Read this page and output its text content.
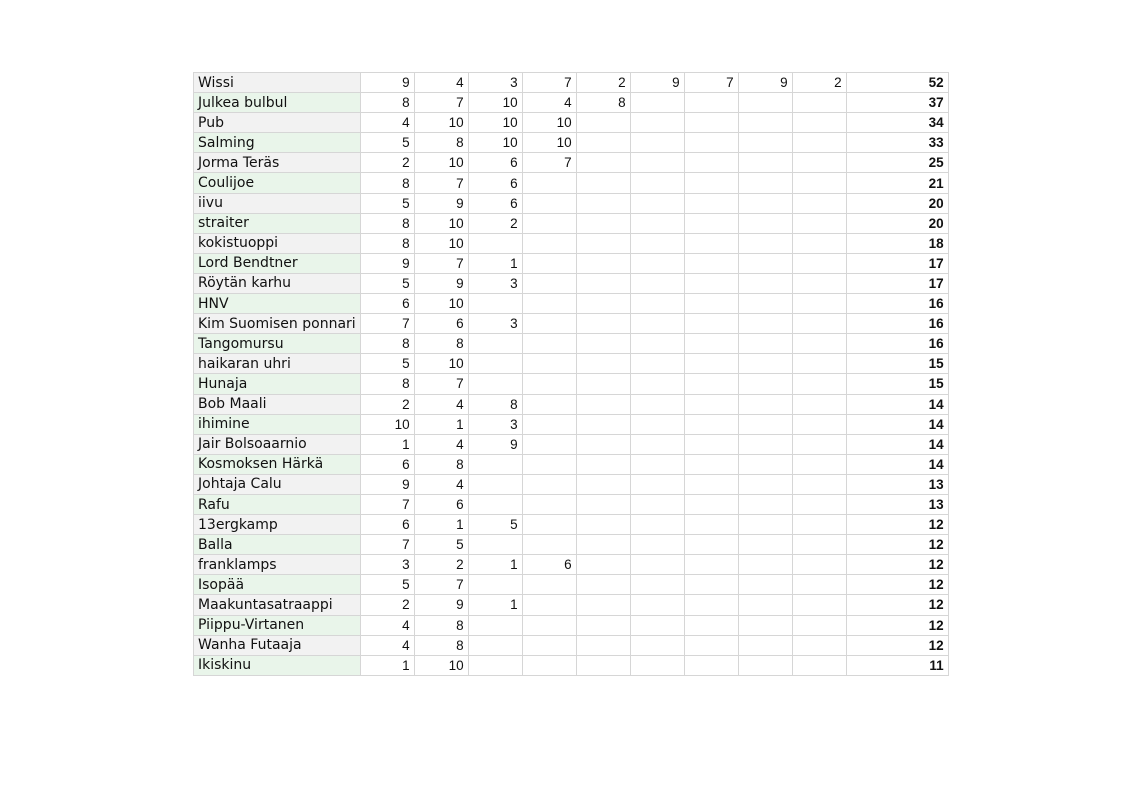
Wissi	9	4	3	7	2	9	7	9	2	52
Julkea bulbul	8	7	10	4	8					37
Pub	4	10	10	10						34
Salming	5	8	10	10						33
Jorma Teräs	2	10	6	7						25
Coulijoe	8	7	6							21
iivu	5	9	6							20
straiter	8	10	2							20
kokistuoppi	8	10								18
Lord Bendtner	9	7	1							17
Röytän karhu	5	9	3							17
HNV	6	10								16
Kim Suomisen ponnari	7	6	3							16
Tangomursu	8	8								16
haikaran uhri	5	10								15
Hunaja	8	7								15
Bob Maali	2	4	8							14
ihimine	10	1	3							14
Jair Bolsoaarnio	1	4	9							14
Kosmoksen Härkä	6	8								14
Johtaja Calu	9	4								13
Rafu	7	6								13
13ergkamp	6	1	5							12
Balla	7	5								12
franklamps	3	2	1	6						12
Isopää	5	7								12
Maakuntasatraappi	2	9	1							12
Piippu-Virtanen	4	8								12
Wanha Futaaja	4	8								12
Ikiskinu	1	10								11
